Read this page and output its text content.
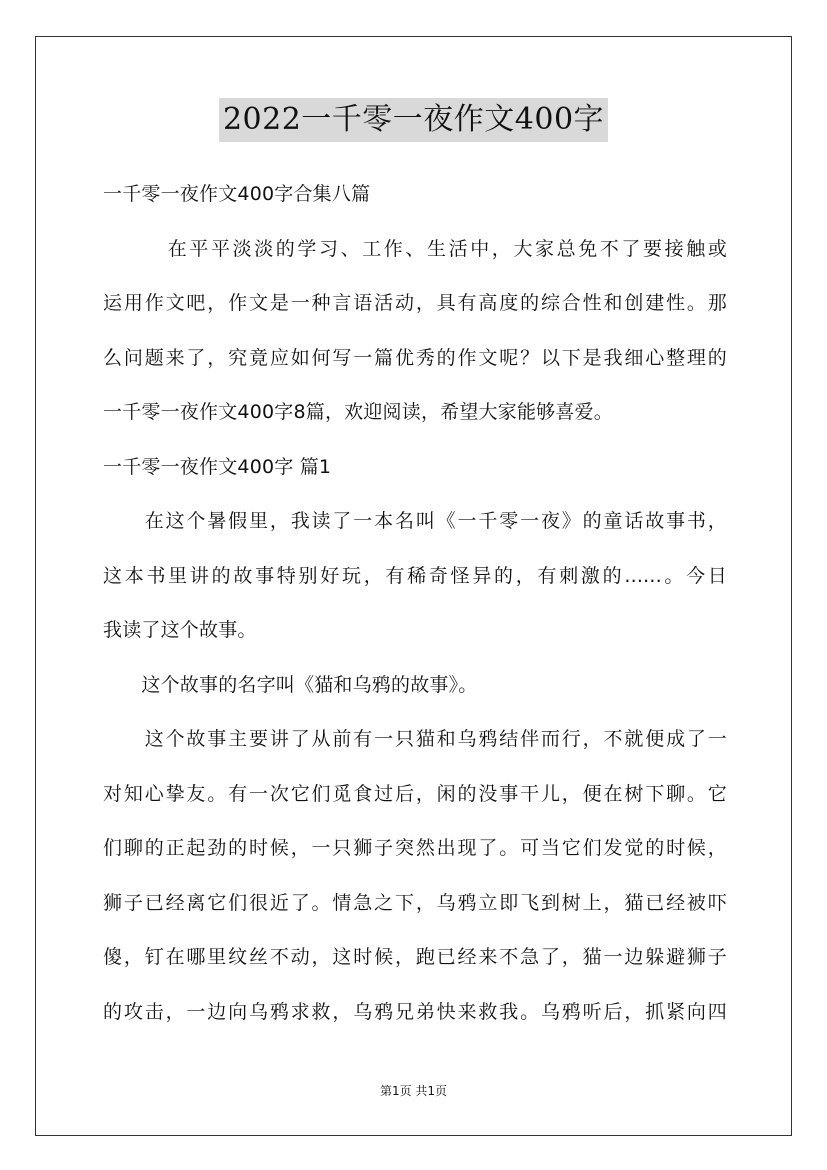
2022一千零一夜作文400字
一千零一夜作文400字合集八篇
　　　在平平淡淡的学习、工作、生活中，大家总免不了要接触或
运用作文吧，作文是一种言语活动，具有高度的综合性和创建性。那
么问题来了，究竟应如何写一篇优秀的作文呢？以下是我细心整理的
一千零一夜作文400字8篇，欢迎阅读，希望大家能够喜爱。
一千零一夜作文400字 篇1
　　在这个暑假里，我读了一本名叫《一千零一夜》的童话故事书，
这本书里讲的故事特别好玩，有稀奇怪异的，有刺激的......。今日
我读了这个故事。
　　这个故事的名字叫《猫和乌鸦的故事》。
　　这个故事主要讲了从前有一只猫和乌鸦结伴而行，不就便成了一
对知心挚友。有一次它们觅食过后，闲的没事干儿，便在树下聊。它
们聊的正起劲的时候，一只狮子突然出现了。可当它们发觉的时候，
狮子已经离它们很近了。情急之下，乌鸦立即飞到树上，猫已经被吓
傻，钉在哪里纹丝不动，这时候，跑已经来不急了，猫一边躲避狮子
的攻击，一边向乌鸦求救，乌鸦兄弟快来救我。乌鸦听后，抓紧向四
第1页 共1页
